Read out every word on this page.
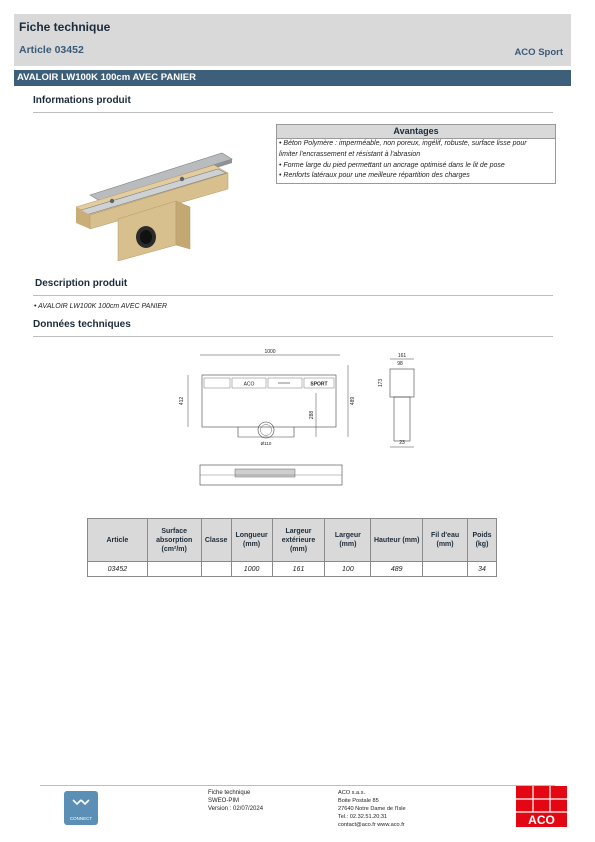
Fiche technique
Article 03452	ACO Sport
AVALOIR LW100K 100cm AVEC PANIER
Informations produit
Avantages
• Béton Polymère : imperméable, non poreux, ingélif, robuste, surface lisse pour
limiter l'encrassement et résistant à l'abrasion
• Forme large du pied permettant un ancrage optimisé dans le lit de pose
• Renforts latéraux pour une meilleure répartition des charges
Description produit
• AVALOIR LW100K 100cm AVEC PANIER
Données techniques
1000
ACO	SPORT
Ø110
412	489
288
161
98
173
23
Article	Surface absorption (cm²/m)	Classe	Longueur (mm)	Largeur extérieure (mm)	Largeur (mm)	Hauteur (mm)	Fil d'eau (mm)	Poids (kg)
03452			1000	161	100	489		34
CONNECT
Fiche technique
SWEO-PIM
Version : 02/07/2024
ACO s.a.s.
Boite Postale 85
27640 Notre Dame de l'Isle
Tel.: 02.32.51.20.31
contact@aco.fr www.aco.fr	ACO
